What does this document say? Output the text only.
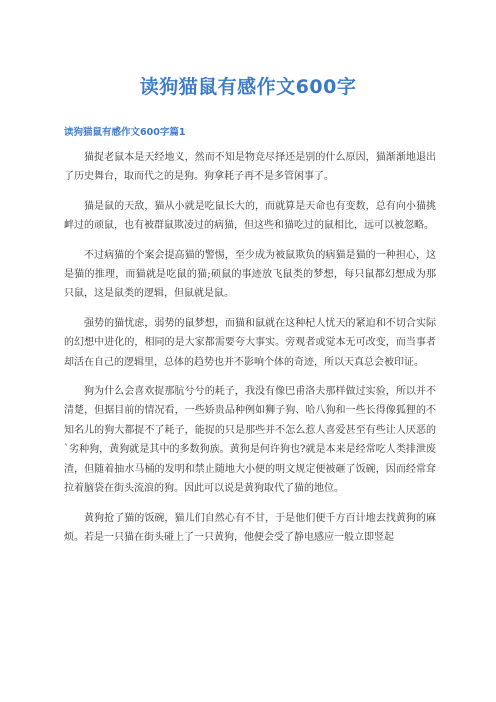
读狗猫鼠有感作文600字
读狗猫鼠有感作文600字篇1

猫捉老鼠本是天经地义，然而不知是物竞尽择还是别的什么原因，猫渐渐地退出了历史舞台，取而代之的是狗。狗拿耗子再不是多管闲事了。

猫是鼠的天敌，猫从小就是吃鼠长大的，而就算是天命也有变数，总有向小猫挑衅过的顽鼠，也有被群鼠欺凌过的病猫，但这些和猫吃过的鼠相比，远可以被忽略。

不过病猫的个案会提高猫的警惕，至少成为被鼠欺负的病猫是猫的一种担心，这是猫的推理，而猫就是吃鼠的猫;硕鼠的事迹放飞鼠类的梦想，每只鼠都幻想成为那只鼠，这是鼠类的逻辑，但鼠就是鼠。

强势的猫忧虑，弱势的鼠梦想，而猫和鼠就在这种杞人忧天的紧迫和不切合实际的幻想中进化的，相同的是大家都需要夸大事实。旁观者或觉本无可改变，而当事者却活在自己的逻辑里，总体的趋势也并不影响个体的奇迹，所以天真总会被印证。

狗为什么会喜欢捉那肮兮兮的耗子，我没有像巴甫洛夫那样做过实验，所以并不清楚，但据目前的情况看，一些娇贵品种例如狮子狗、哈八狗和一些长得像狐狸的不知名儿的狗大都捉不了耗子，能捉的只是那些并不怎么惹人喜爱甚至有些让人厌恶的`劣种狗，黄狗就是其中的多数狗族。黄狗是何许狗也?就是本来是经常吃人类排泄废渣，但随着抽水马桶的发明和禁止随地大小便的明文规定便被砸了饭碗，因而经常耷拉着脑袋在街头流浪的狗。因此可以说是黄狗取代了猫的地位。

黄狗抢了猫的饭碗，猫儿们自然心有不甘，于是他们便千方百计地去找黄狗的麻烦。若是一只猫在街头碰上了一只黄狗，他便会受了静电感应一般立即竖起
